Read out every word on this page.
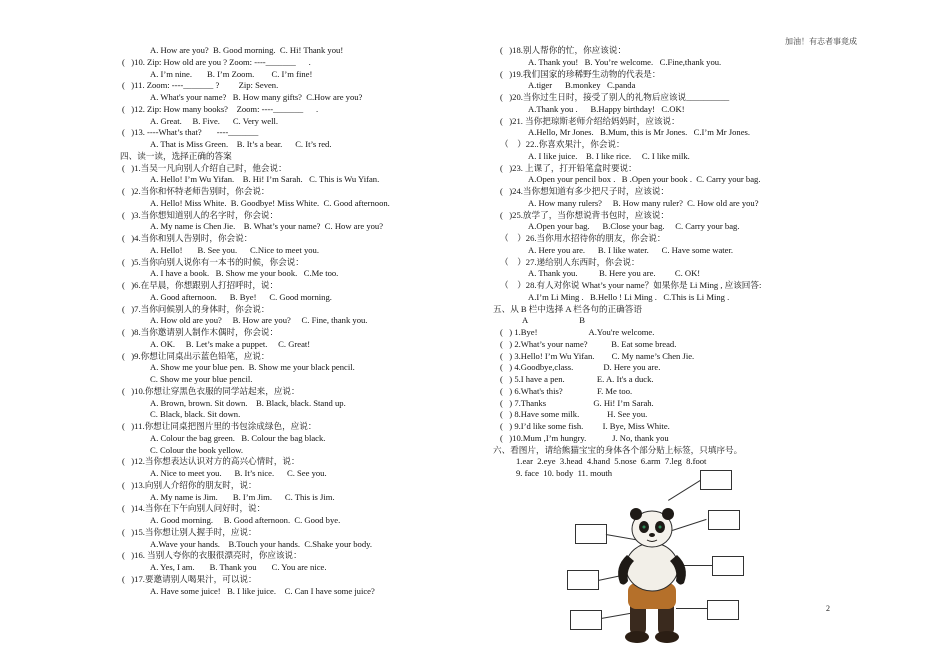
加油！有志者事竟成
A. How are you?  B. Good morning.  C. Hi! Thank you!
(   )10. Zip: How old are you ? Zoom: ----_______      .
A. I’m nine.       B. I’m Zoom.        C. I’m fine!
(   )11. Zoom: ----_______ ?         Zip: Seven.
A. What's your name?   B. How many gifts?  C.How are you?
(   )12. Zip: How many books?    Zoom: ----_______      .
A. Great.     B. Five.      C. Very well.
(   )13. ----What’s that?       ----_______
A. That is Miss Green.    B. It’s a bear.      C. It’s red.
四、读一读，选择正确的答案
(   )1.当吴一凡向别人介绍自己时，他会说：
A. Hello! I’m Wu Yifan.    B. Hi! I’m Sarah.   C. This is Wu Yifan.
(   )2.当你和怀特老师告别时，你会说：
A. Hello! Miss White.  B. Goodbye! Miss White.  C. Good afternoon.
(   )3.当你想知道别人的名字时，你会说：
A. My name is Chen Jie.    B. What’s your name?  C. How are you?
(   )4.当你和别人告别时，你会说：
A. Hello!       B. See you.      C.Nice to meet you.
(   )5.当你向别人说你有一本书的时候，你会说：
A. I have a book.   B. Show me your book.   C.Me too.
(   )6.在早晨，你想跟别人打招呼时，说：
A. Good afternoon.      B. Bye!      C. Good morning.
(   )7.当你问候别人的身体时，你会说：
A. How old are you?     B. How are you?     C. Fine, thank you.
(   )8.当你邀请别人制作木偶时，你会说：
A. OK.     B. Let’s make a puppet.     C. Great!
(   )9.你想让同桌出示蓝色铅笔，应说：
A. Show me your blue pen.  B. Show me your black pencil.
C. Show me your blue pencil.
(   )10.你想让穿黑色衣服的同学站起来，应说：
A. Brown, brown. Sit down.    B. Black, black. Stand up.
C. Black, black. Sit down.
(   )11.你想让同桌把图片里的书包涂成绿色，应说：
A. Colour the bag green.   B. Colour the bag black.
C. Colour the book yellow.
(   )12.当你想表达认识对方的高兴心情时，说：
A. Nice to meet you.      B. It’s nice.      C. See you.
(   )13.向别人介绍你的朋友时，说：
A. My name is Jim.       B. I’m Jim.      C. This is Jim.
(   )14.当你在下午向别人问好时，说：
A. Good morning.     B. Good afternoon.  C. Good bye.
(   )15.当你想让别人握手时，应说：
A.Wave your hands.    B.Touch your hands.  C.Shake your body.
(   )16. 当别人夸你的衣服很漂亮时，你应该说：
A. Yes, I am.       B. Thank you       C. You are nice.
(   )17.要邀请别人喝果汁，可以说：
A. Have some juice!   B. I like juice.    C. Can I have some juice?
(   )18.别人帮你的忙，你应该说：
A. Thank you!   B. You’re welcome.   C.Fine,thank you.
(   )19.我们国家的珍稀野生动物的代表是：
A.tiger      B.monkey   C.panda
(   )20.当你过生日时，接受了别人的礼物后应该说__________
A.Thank you .      B.Happy birthday!   C.OK!
(   )21. 当你把琼斯老师介绍给妈妈时，应该说：
A.Hello, Mr Jones.   B.Mum, this is Mr Jones.   C.I’m Mr Jones.
（    ）22..你喜欢果汁，你会说：
A. I like juice.    B. I like rice.     C. I like milk.
(   )23. 上课了，打开铅笔盒时要说：
A.Open your pencil box .   B .Open your book .  C. Carry your bag.
(   )24.当你想知道有多少把尺子时，应该说：
A. How many rulers?     B. How many ruler?  C. How old are you?
(   )25.放学了，当你想说背书包时，应该说：
A.Open your bag.      B.Close your bag.     C. Carry your bag.
（    ）26.当你用水招待你的朋友，你会说：
A. Here you are.      B. I like water.      C. Have some water.
（    ）27.递给别人东西时，你会说：
A. Thank you.          B. Here you are.         C. OK!
（    ）28.有人对你说 What’s your name？如果你是 Li Ming , 应该回答:
A.I’m Li Ming .   B.Hello ! Li Ming .   C.This is Li Ming .
五、从 B 栏中选择 A 栏各句的正确答语
A                        B
(   ) 1.Bye!                        A.You're welcome.
(   ) 2.What’s your name?           B. Eat some bread.
(   ) 3.Hello! I’m Wu Yifan.        C. My name’s Chen Jie.
(   ) 4.Goodbye,class.              D. Here you are.
(   ) 5.I have a pen.               E. A. It's a duck.
(   ) 6.What's this?                F. Me too.
(   ) 7.Thanks                      G. Hi! I’m Sarah.
(   ) 8.Have some milk.             H. See you.
(   ) 9.I’d like some fish.         I. Bye, Miss White.
(   )10.Mum ,I’m hungry.            J. No, thank you
六、看图片，请给熊猫宝宝的身体各个部分贴上标签，只填序号。
1.ear  2.eye  3.head  4.hand  5.nose  6.arm  7.leg  8.foot
9. face  10. body  11. mouth
2
